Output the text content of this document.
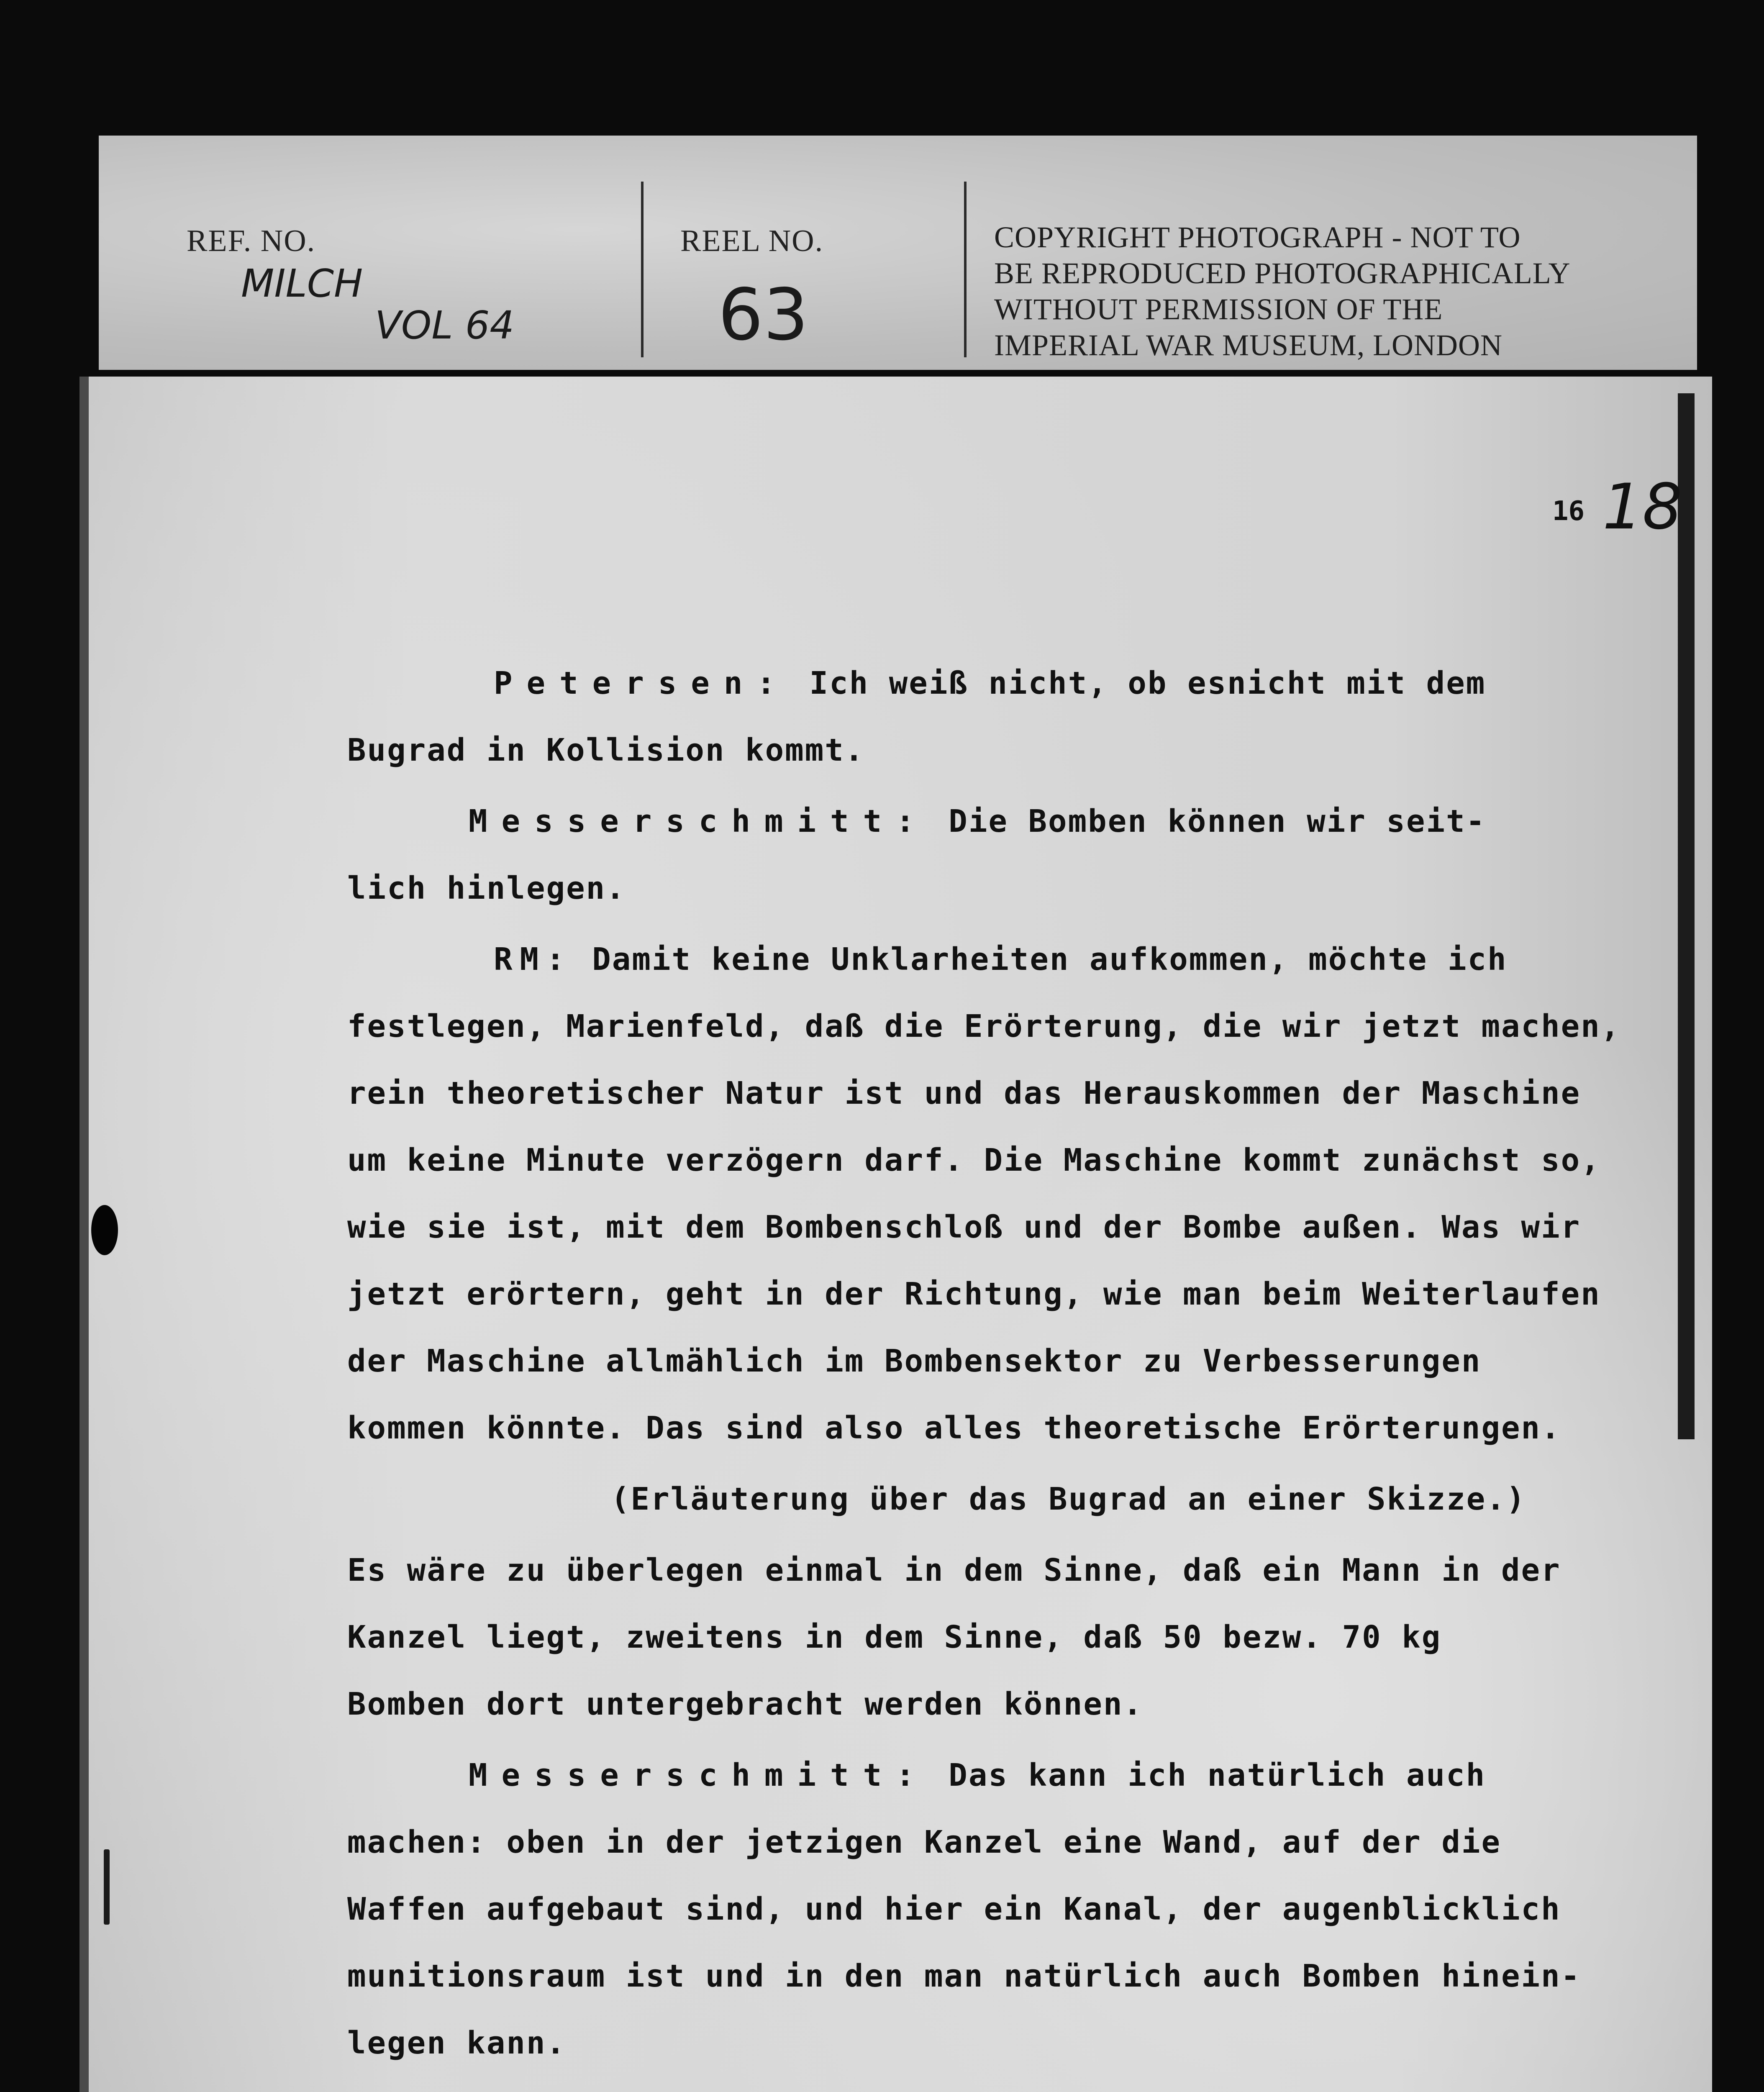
REF. NO.
MILCH
VOL 64
REEL NO.
63
COPYRIGHT PHOTOGRAPH - NOT TO
BE REPRODUCED PHOTOGRAPHICALLY
WITHOUT PERMISSION OF THE
IMPERIAL WAR MUSEUM, LONDON
16 18
Petersen: Ich weiß nicht, ob esnicht mit dem
Bugrad in Kollision kommt.
Messerschmitt: Die Bomben können wir seit-
lich hinlegen.
RM: Damit keine Unklarheiten aufkommen, möchte ich
festlegen, Marienfeld, daß die Erörterung, die wir jetzt machen,
rein theoretischer Natur ist und das Herauskommen der Maschine
um keine Minute verzögern darf. Die Maschine kommt zunächst so,
wie sie ist, mit dem Bombenschloß und der Bombe außen. Was wir
jetzt erörtern, geht in der Richtung, wie man beim Weiterlaufen
der Maschine allmählich im Bombensektor zu Verbesserungen
kommen könnte. Das sind also alles theoretische Erörterungen.
(Erläuterung über das Bugrad an einer Skizze.)
Es wäre zu überlegen einmal in dem Sinne, daß ein Mann in der
Kanzel liegt, zweitens in dem Sinne, daß 50 bezw. 70 kg
Bomben dort untergebracht werden können.
Messerschmitt: Das kann ich natürlich auch
machen: oben in der jetzigen Kanzel eine Wand, auf der die
Waffen aufgebaut sind, und hier ein Kanal, der augenblicklich
munitionsraum ist und in den man natürlich auch Bomben hinein-
legen kann.
